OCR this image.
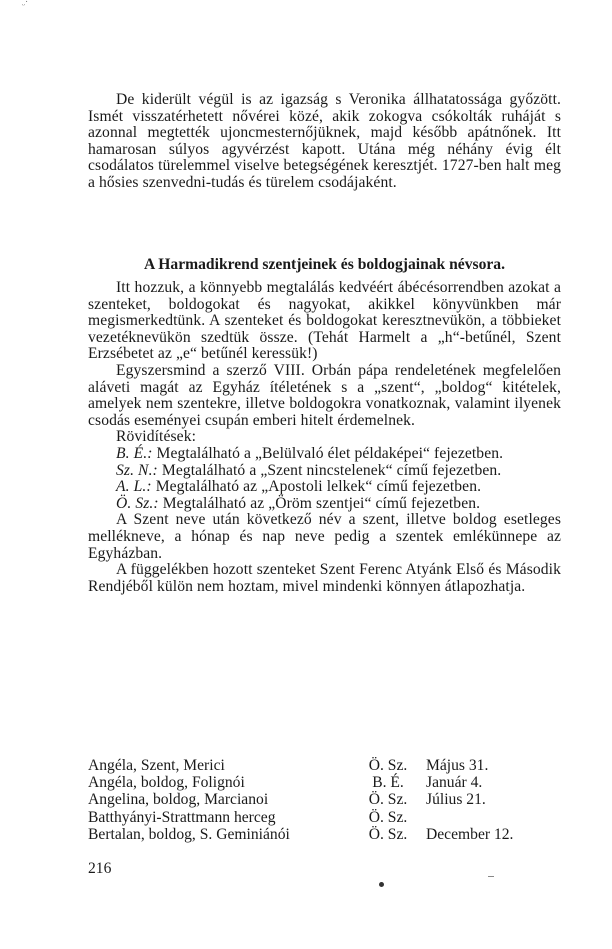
ᵕ˙
De kiderült végül is az igazság s Veronika állhatatossága győzött. Ismét visszatérhetett nővérei közé, akik zokogva csókolták ruháját s azonnal megtették ujoncmesternőjüknek, majd később apátnőnek. Itt hamarosan súlyos agyvérzést kapott. Utána még néhány évig élt csodálatos türelemmel viselve betegségének keresztjét. 1727-ben halt meg a hősies szenvedni-tudás és türelem csodájaként.
A Harmadikrend szentjeinek és boldogjainak névsora.

Itt hozzuk, a könnyebb megtalálás kedvéért ábécésorrendben azokat a szenteket, boldogokat és nagyokat, akikkel könyvünkben már megismerkedtünk. A szenteket és boldogokat keresztnevükön, a többieket vezetéknevükön szedtük össze. (Tehát Harmelt a „h“-betűnél, Szent Erzsébetet az „e“ betűnél keressük!)

Egyszersmind a szerző VIII. Orbán pápa rendeletének megfelelően aláveti magát az Egyház ítéletének s a „szent“, „boldog“ kitételek, amelyek nem szentekre, illetve boldogokra vonatkoznak, valamint ilyenek csodás eseményei csupán emberi hitelt érdemelnek.

Rövidítések:

B. É.: Megtalálható a „Belülvaló élet példaképei“ fejezetben.

Sz. N.: Megtalálható a „Szent nincstelenek“ című fejezetben.

A. L.: Megtalálható az „Apostoli lelkek“ című fejezetben.

Ö. Sz.: Megtalálható az „Öröm szentjei“ című fejezetben.

A Szent neve után következő név a szent, illetve boldog esetleges mellékneve, a hónap és nap neve pedig a szentek emlékünnepe az Egyházban.

A függelékben hozott szenteket Szent Ferenc Atyánk Első és Második Rendjéből külön nem hoztam, mivel mindenki könnyen átlapozhatja.

Angéla, Szent, Merici	Ö. Sz.	Május 31.
Angéla, boldog, Folignói	B. É.	Január 4.
Angelina, boldog, Marcianoi	Ö. Sz.	Július 21.
Batthyányi-Strattmann herceg	Ö. Sz.
Bertalan, boldog, S. Geminiánói	Ö. Sz.	December 12.
216
